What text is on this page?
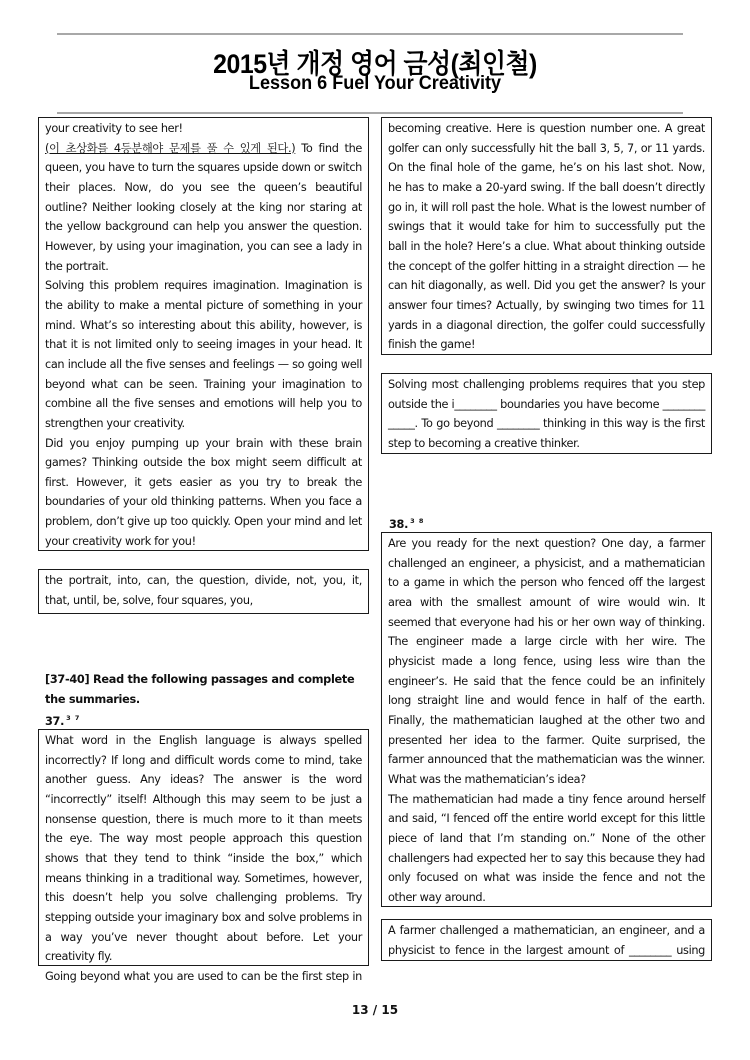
2015년 개정 영어 금성(최인철)
Lesson 6 Fuel Your Creativity

your creativity to see her!

(이 초상화를 4등분해야 문제를 풀 수 있게 된다.) To find the queen, you have to turn the squares upside down or switch their places. Now, do you see the queen’s beautiful outline? Neither looking closely at the king nor staring at the yellow background can help you answer the question. However, by using your imagination, you can see a lady in the portrait.

Solving this problem requires imagination. Imagination is the ability to make a mental picture of something in your mind. What’s so interesting about this ability, however, is that it is not limited only to seeing images in your head. It can include all the five senses and feelings — so going well beyond what can be seen. Training your imagination to combine all the five senses and emotions will help you to strengthen your creativity.

Did you enjoy pumping up your brain with these brain games? Thinking outside the box might seem difficult at first. However, it gets easier as you try to break the boundaries of your old thinking patterns. When you face a problem, don’t give up too quickly. Open your mind and let your creativity work for you!

the portrait, into, can, the question, divide, not, you, it, that, until, be, solve, four squares, you,

[37-40] Read the following passages and complete the summaries.
37. $^{3 7}$

What word in the English language is always spelled incorrectly? If long and difficult words come to mind, take another guess. Any ideas? The answer is the word “incorrectly” itself! Although this may seem to be just a nonsense question, there is much more to it than meets the eye. The way most people approach this question shows that they tend to think “inside the box,” which means thinking in a traditional way. Sometimes, however, this doesn’t help you solve challenging problems. Try stepping outside your imaginary box and solve problems in a way you’ve never thought about before. Let your creativity fly.

Going beyond what you are used to can be the first step in

becoming creative. Here is question number one. A great golfer can only successfully hit the ball 3, 5, 7, or 11 yards. On the final hole of the game, he’s on his last shot. Now, he has to make a 20-yard swing. If the ball doesn’t directly go in, it will roll past the hole. What is the lowest number of swings that it would take for him to successfully put the ball in the hole? Here’s a clue. What about thinking outside the concept of the golfer hitting in a straight direction — he can hit diagonally, as well. Did you get the answer? Is your answer four times? Actually, by swinging two times for 11 yards in a diagonal direction, the golfer could successfully finish the game!

Solving most challenging problems requires that you step outside the i________ boundaries you have become ________ _____. To go beyond ________ thinking in this way is the first step to becoming a creative thinker.

38. $^{3 8}$

Are you ready for the next question? One day, a farmer challenged an engineer, a physicist, and a mathematician to a game in which the person who fenced off the largest area with the smallest amount of wire would win. It seemed that everyone had his or her own way of thinking. The engineer made a large circle with her wire. The physicist made a long fence, using less wire than the engineer’s. He said that the fence could be an infinitely long straight line and would fence in half of the earth. Finally, the mathematician laughed at the other two and presented her idea to the farmer. Quite surprised, the farmer announced that the mathematician was the winner. What was the mathematician’s idea?

The mathematician had made a tiny fence around herself and said, “I fenced off the entire world except for this little piece of land that I’m standing on.” None of the other challengers had expected her to say this because they had only focused on what was inside the fence and not the other way around.

A farmer challenged a mathematician, an engineer, and a physicist to fence in the largest amount of ________ using

13 / 15
